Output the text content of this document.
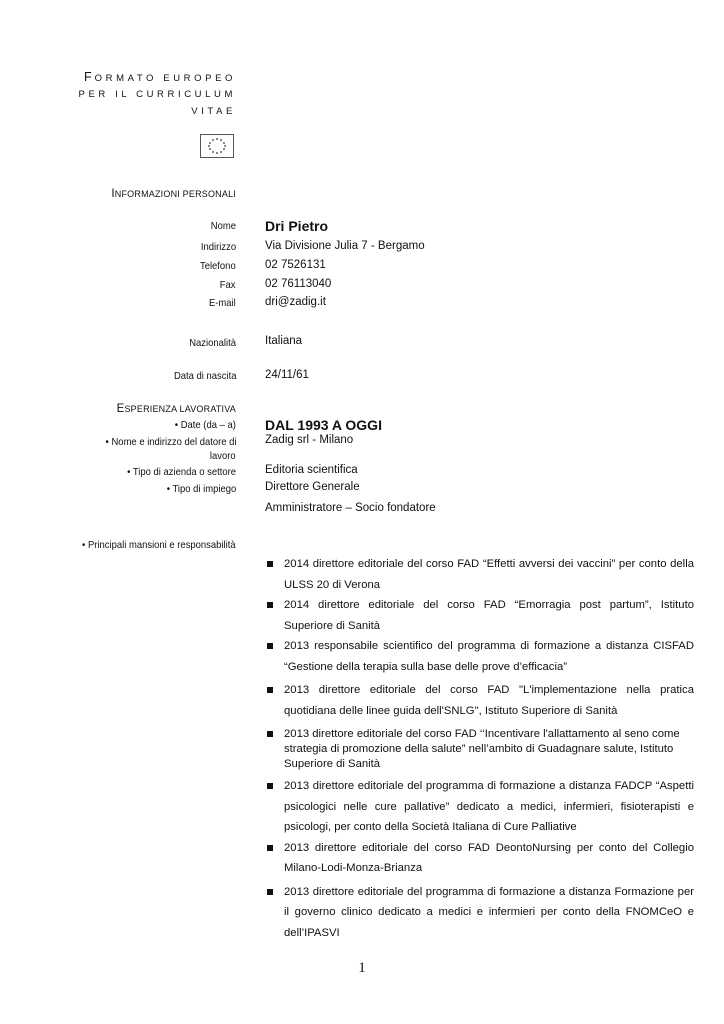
FORMATO EUROPEO
PER IL CURRICULUM
VITAE
INFORMAZIONI PERSONALI
Nome Dri Pietro
Indirizzo	Via Divisione Julia 7 - Bergamo
Telefono	02 7526131
Fax	02 76113040
E-mail	dri@zadig.it
Nazionalità	Italiana
Data di nascita	24/11/61
ESPERIENZA LAVORATIVA
• Date (da – a) DAL 1993 A OGGI
• Nome e indirizzo del datore di
lavoro
Zadig srl - Milano
• Tipo di azienda o settore	Editoria scientifica
• Tipo di impiego	Direttore Generale
Amministratore – Socio fondatore
• Principali mansioni e responsabilità
2014 direttore editoriale del corso FAD “Effetti avversi dei vaccini” per conto della ULSS 20 di Verona
2014 direttore editoriale del corso FAD “Emorragia post partum”, Istituto Superiore di Sanità
2013 responsabile scientifico del programma di formazione a distanza CISFAD “Gestione della terapia sulla base delle prove d’efficacia”
2013 direttore editoriale del corso FAD "L'implementazione nella pratica quotidiana delle linee guida dell'SNLG", Istituto Superiore di Sanità
2013 direttore editoriale del corso FAD ‘‘Incentivare l'allattamento al seno come strategia di promozione della salute” nell’ambito di Guadagnare salute, Istituto Superiore di Sanità
2013 direttore editoriale del programma di formazione a distanza FADCP “Aspetti psicologici nelle cure pallative” dedicato a medici, infermieri, fisioterapisti e psicologi, per conto della Società Italiana di Cure Palliative
2013 direttore editoriale del corso FAD DeontoNursing per conto del Collegio Milano-Lodi-Monza-Brianza
2013 direttore editoriale del programma di formazione a distanza Formazione per il governo clinico dedicato a medici e infermieri per conto della FNOMCeO e dell’IPASVI
1
